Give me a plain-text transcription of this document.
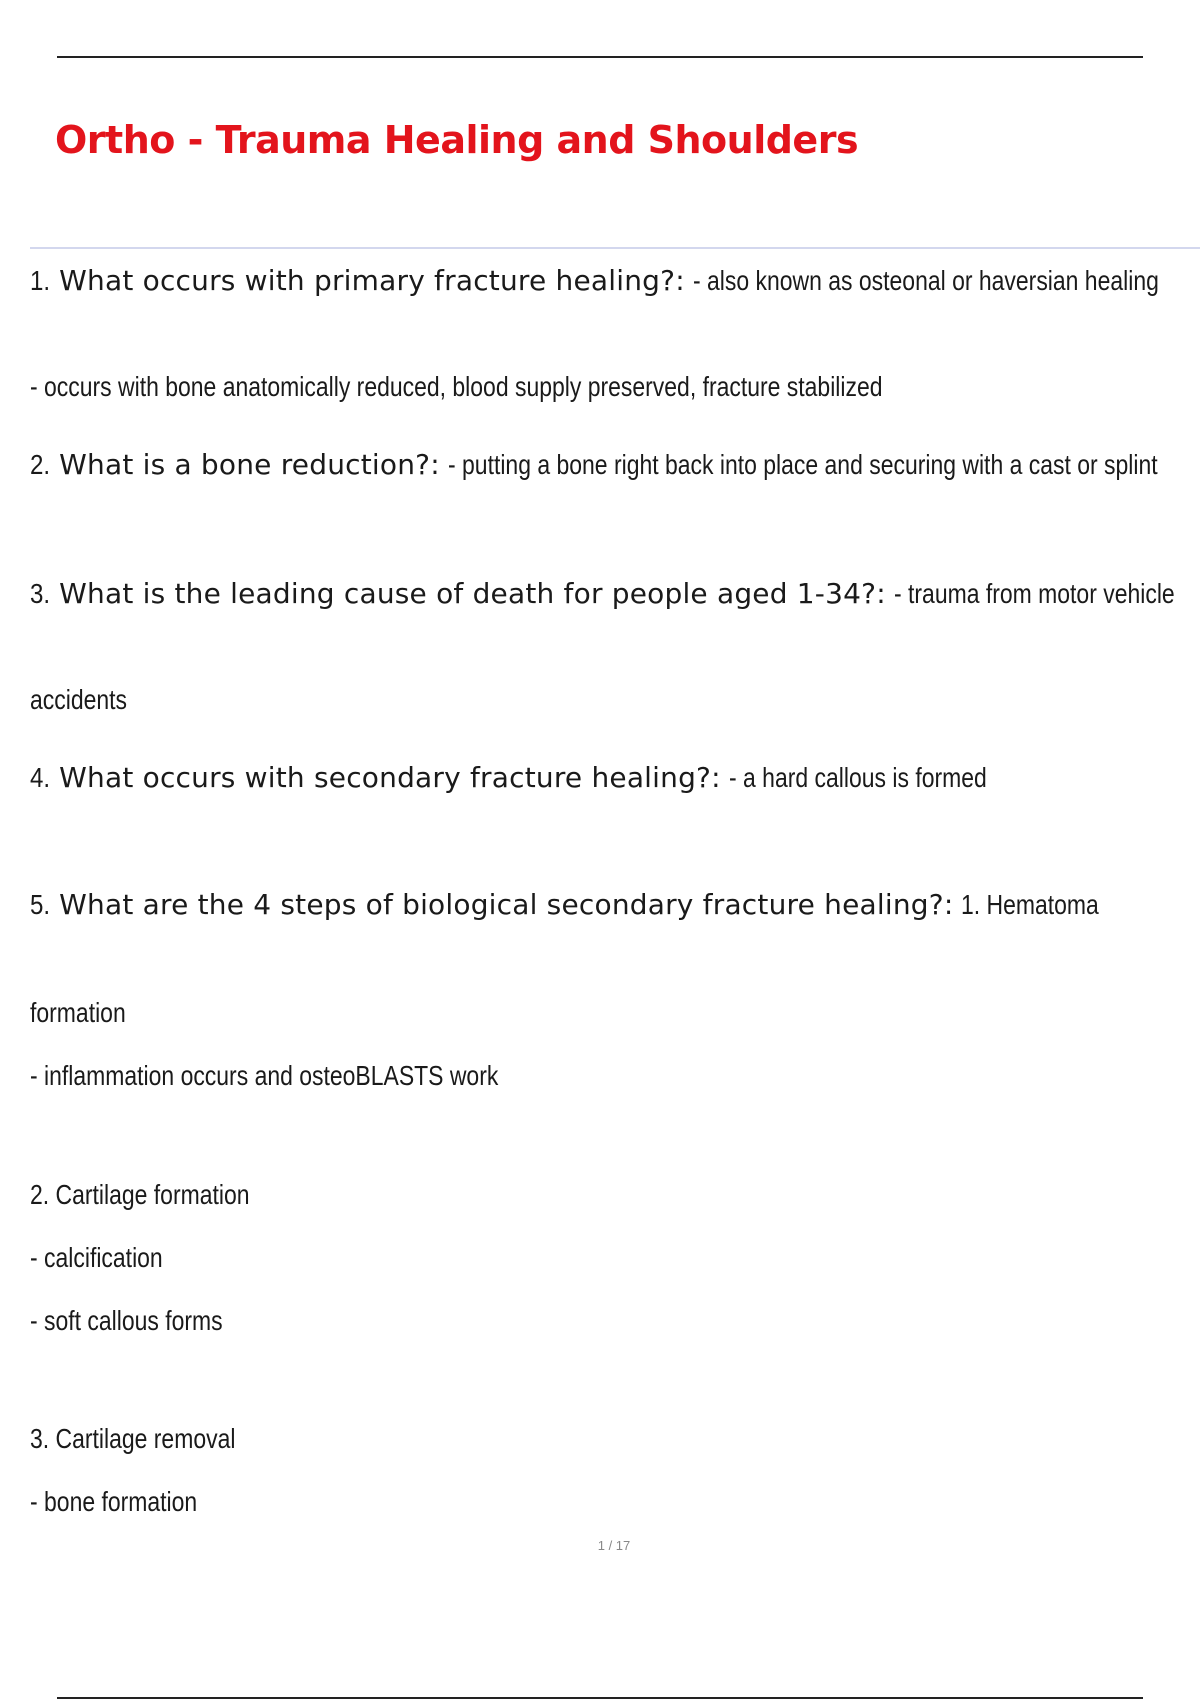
Ortho - Trauma Healing and Shoulders

1. What occurs with primary fracture healing?: - also known as osteonal or haversian healing

- occurs with bone anatomically reduced, blood supply preserved, fracture stabilized

2. What is a bone reduction?: - putting a bone right back into place and securing with a cast or splint

3. What is the leading cause of death for people aged 1-34?: - trauma from motor vehicle

accidents

4. What occurs with secondary fracture healing?: - a hard callous is formed

5. What are the 4 steps of biological secondary fracture healing?: 1. Hematoma

formation

- inflammation occurs and osteoBLASTS work

2. Cartilage formation

- calcification

- soft callous forms

3. Cartilage removal

- bone formation

1 / 17
